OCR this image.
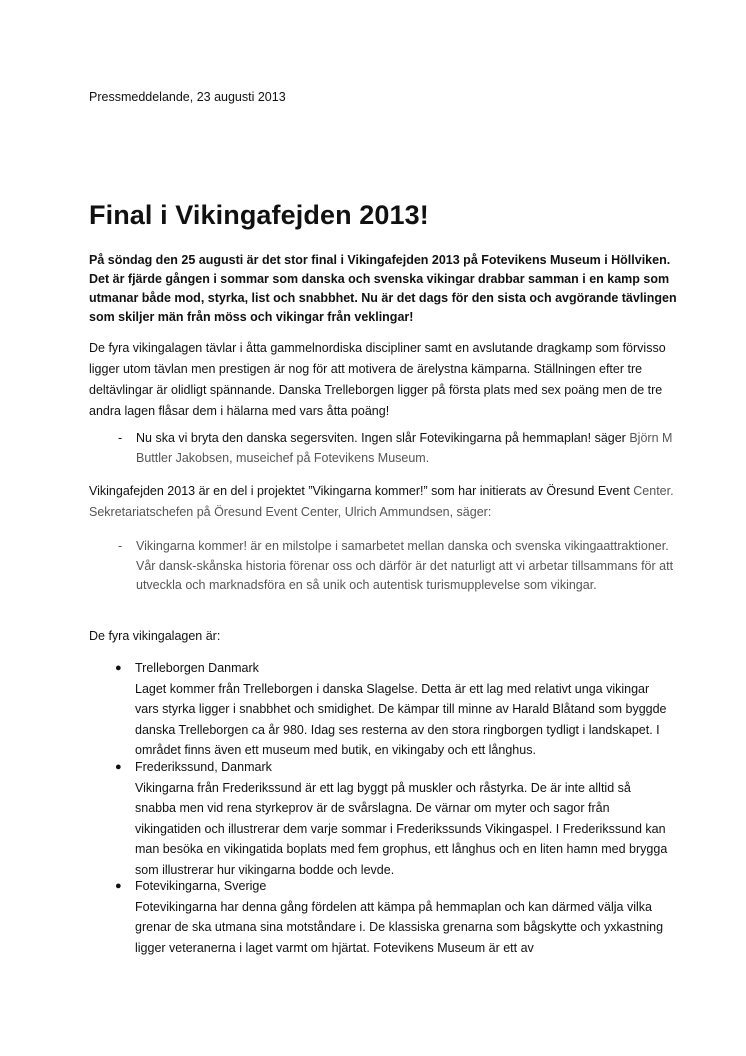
Pressmeddelande, 23 augusti 2013
Final i Vikingafejden 2013!

På söndag den 25 augusti är det stor final i Vikingafejden 2013 på Fotevikens Museum i Höllviken. Det är fjärde gången i sommar som danska och svenska vikingar drabbar samman i en kamp som utmanar både mod, styrka, list och snabbhet. Nu är det dags för den sista och avgörande tävlingen som skiljer män från möss och vikingar från veklingar!

De fyra vikingalagen tävlar i åtta gammelnordiska discipliner samt en avslutande dragkamp som förvisso ligger utom tävlan men prestigen är nog för att motivera de ärelystna kämparna. Ställningen efter tre deltävlingar är olidligt spännande. Danska Trelleborgen ligger på första plats med sex poäng men de tre andra lagen flåsar dem i hälarna med vars åtta poäng!

- Nu ska vi bryta den danska segersviten. Ingen slår Fotevikingarna på hemmaplan! säger Björn M Buttler Jakobsen, museichef på Fotevikens Museum.

Vikingafejden 2013 är en del i projektet ”Vikingarna kommer!” som har initierats av Öresund Event Center. Sekretariatschefen på Öresund Event Center, Ulrich Ammundsen, säger:

- Vikingarna kommer! är en milstolpe i samarbetet mellan danska och svenska vikingaattraktioner. Vår dansk-skånska historia förenar oss och därför är det naturligt att vi arbetar tillsammans för att utveckla och marknadsföra en så unik och autentisk turismupplevelse som vikingar.

De fyra vikingalagen är:

● Trelleborgen Danmark
Laget kommer från Trelleborgen i danska Slagelse. Detta är ett lag med relativt unga vikingar vars styrka ligger i snabbhet och smidighet. De kämpar till minne av Harald Blåtand som byggde danska Trelleborgen ca år 980. Idag ses resterna av den stora ringborgen tydligt i landskapet. I området finns även ett museum med butik, en vikingaby och ett långhus.
● Frederikssund, Danmark
Vikingarna från Frederikssund är ett lag byggt på muskler och råstyrka. De är inte alltid så snabba men vid rena styrkeprov är de svårslagna. De värnar om myter och sagor från vikingatiden och illustrerar dem varje sommar i Frederikssunds Vikingaspel. I Frederikssund kan man besöka en vikingatida boplats med fem grophus, ett långhus och en liten hamn med brygga som illustrerar hur vikingarna bodde och levde.
● Fotevikingarna, Sverige
Fotevikingarna har denna gång fördelen att kämpa på hemmaplan och kan därmed välja vilka grenar de ska utmana sina motståndare i. De klassiska grenarna som bågskytte och yxkastning ligger veteranerna i laget varmt om hjärtat. Fotevikens Museum är ett av
